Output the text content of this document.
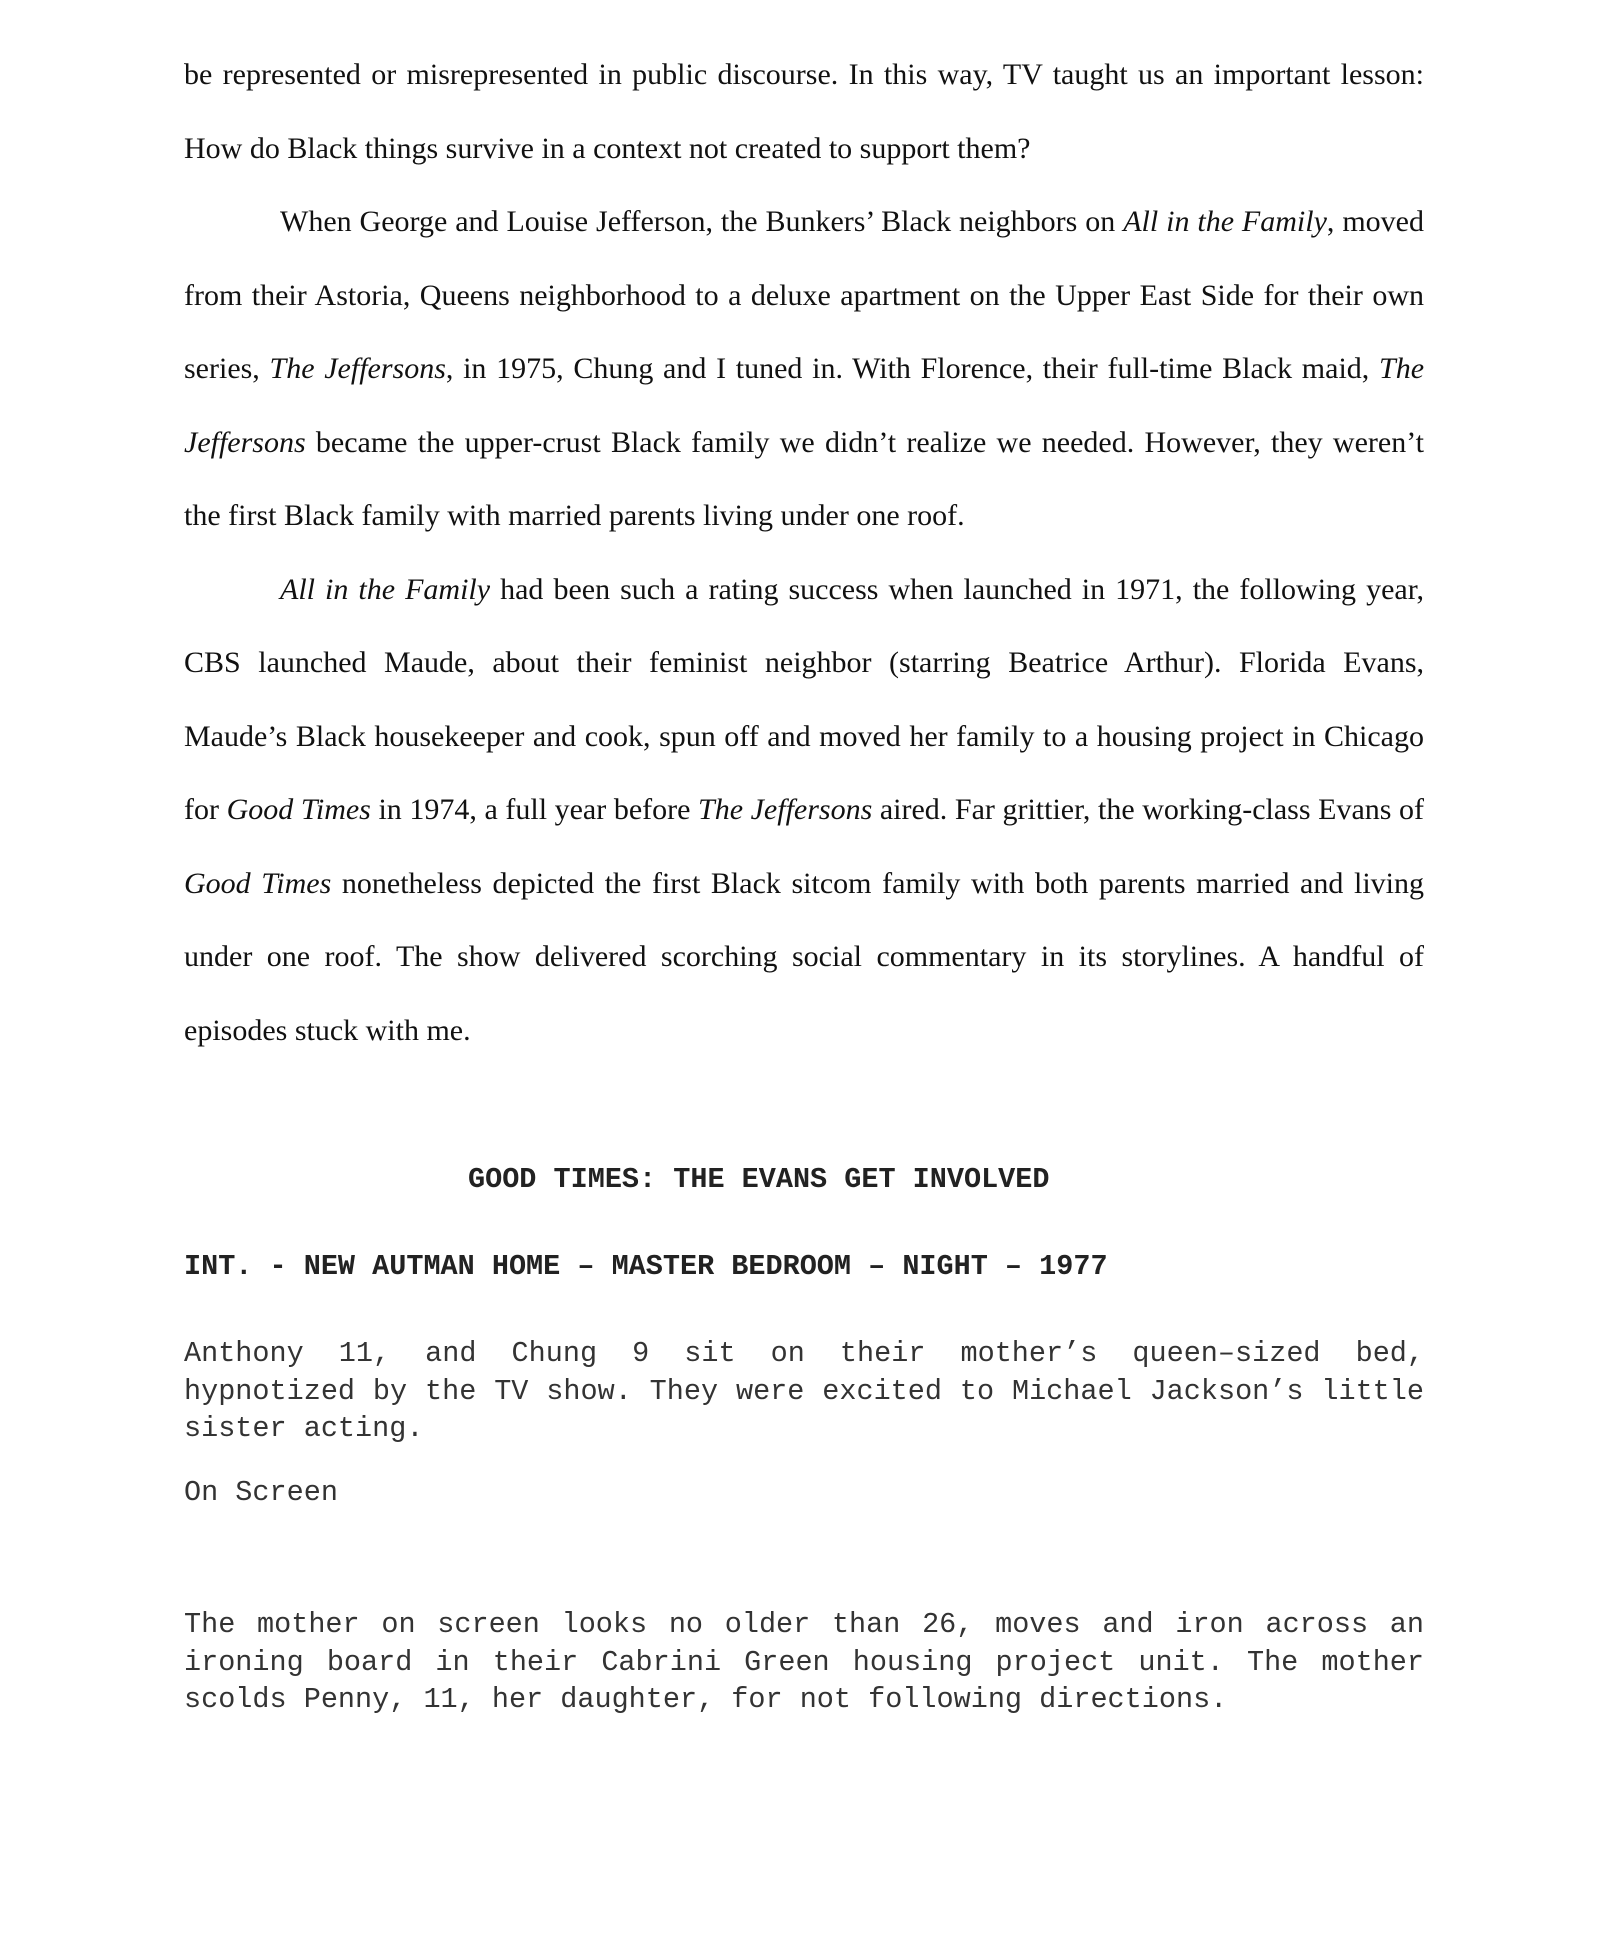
be represented or misrepresented in public discourse. In this way, TV taught us an important lesson: How do Black things survive in a context not created to support them?

When George and Louise Jefferson, the Bunkers’ Black neighbors on All in the Family, moved from their Astoria, Queens neighborhood to a deluxe apartment on the Upper East Side for their own series, The Jeffersons, in 1975, Chung and I tuned in. With Florence, their full-time Black maid, The Jeffersons became the upper-crust Black family we didn’t realize we needed. However, they weren’t the first Black family with married parents living under one roof.

All in the Family had been such a rating success when launched in 1971, the following year, CBS launched Maude, about their feminist neighbor (starring Beatrice Arthur). Florida Evans, Maude’s Black housekeeper and cook, spun off and moved her family to a housing project in Chicago for Good Times in 1974, a full year before The Jeffersons aired. Far grittier, the working-class Evans of Good Times nonetheless depicted the first Black sitcom family with both parents married and living under one roof. The show delivered scorching social commentary in its storylines. A handful of episodes stuck with me.

GOOD TIMES: THE EVANS GET INVOLVED

INT. - NEW AUTMAN HOME – MASTER BEDROOM – NIGHT – 1977

Anthony 11, and Chung 9 sit on their mother’s queen–sized bed, hypnotized by the TV show. They were excited to Michael Jackson’s little sister acting.

On Screen

The mother on screen looks no older than 26, moves and iron across an ironing board in their Cabrini Green housing project unit. The mother scolds Penny, 11, her daughter, for not following directions.
